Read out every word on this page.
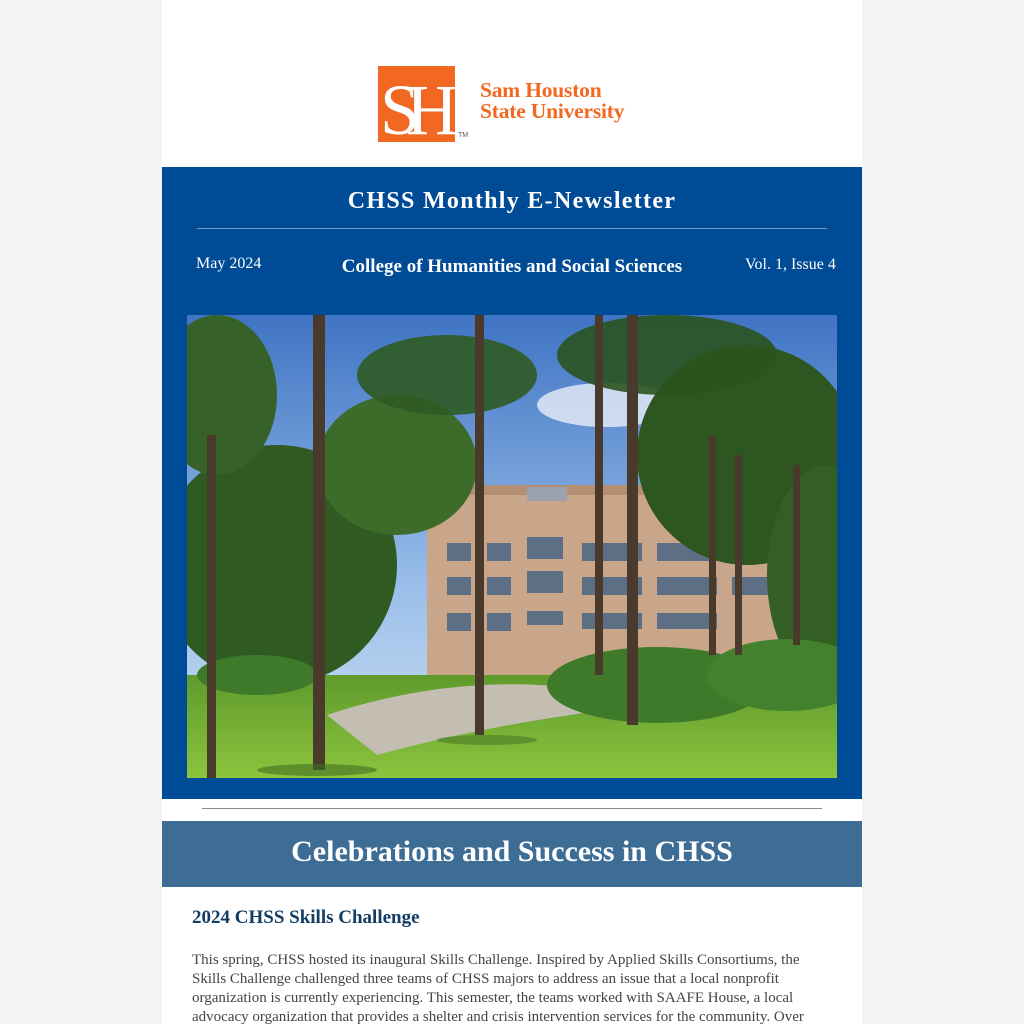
SH	TM
Sam Houston
State University
CHSS Monthly E-Newsletter
May 2024	College of Humanities and Social Sciences	Vol. 1, Issue 4
Celebrations and Success in CHSS
2024 CHSS Skills Challenge
This spring, CHSS hosted its inaugural Skills Challenge. Inspired by Applied Skills Consortiums, the Skills Challenge challenged three teams of CHSS majors to address an issue that a local nonprofit organization is currently experiencing. This semester, the teams worked with SAAFE House, a local advocacy organization that provides a shelter and crisis intervention services for the community. Over
